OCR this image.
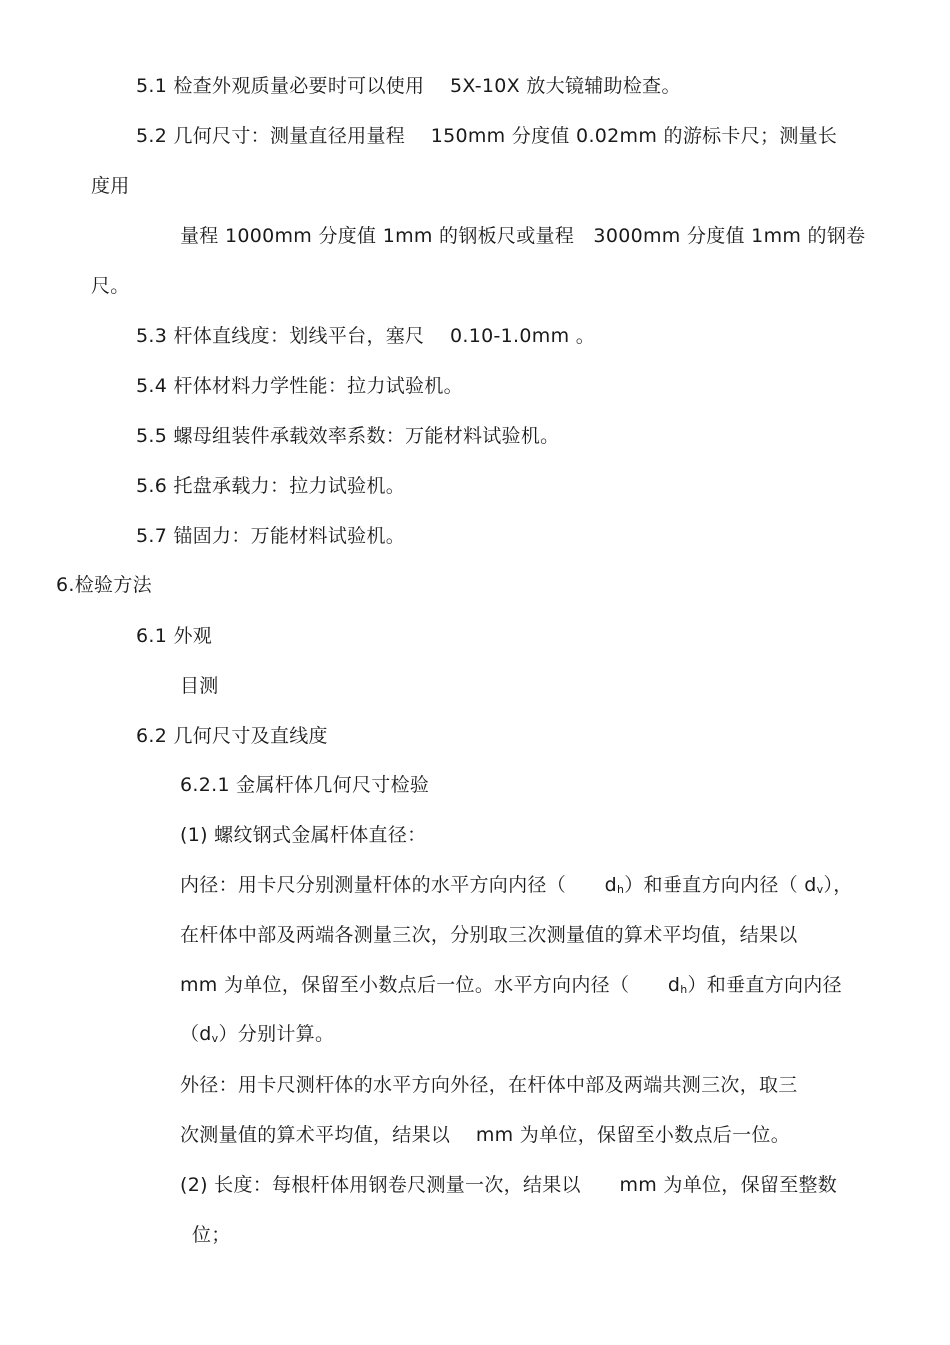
5.1 检查外观质量必要时可以使用　 5X-10X 放大镜辅助检查。

5.2 几何尺寸：测量直径用量程　 150mm 分度值 0.02mm 的游标卡尺；测量长

度用

量程 1000mm 分度值 1mm 的钢板尺或量程　3000mm 分度值 1mm 的钢卷

尺。

5.3 杆体直线度：划线平台，塞尺　 0.10-1.0mm 。

5.4 杆体材料力学性能：拉力试验机。

5.5 螺母组装件承载效率系数：万能材料试验机。

5.6 托盘承载力：拉力试验机。

5.7 锚固力：万能材料试验机。

6.检验方法

6.1 外观

目测

6.2 几何尺寸及直线度

6.2.1 金属杆体几何尺寸检验

(1) 螺纹钢式金属杆体直径：

内径：用卡尺分别测量杆体的水平方向内径（　　dh）和垂直方向内径（ dv），

在杆体中部及两端各测量三次，分别取三次测量值的算术平均值，结果以

mm 为单位，保留至小数点后一位。水平方向内径（　　dh）和垂直方向内径

（dv）分别计算。

外径：用卡尺测杆体的水平方向外径，在杆体中部及两端共测三次，取三

次测量值的算术平均值，结果以　 mm 为单位，保留至小数点后一位。

(2) 长度：每根杆体用钢卷尺测量一次，结果以　　mm 为单位，保留至整数

位；
